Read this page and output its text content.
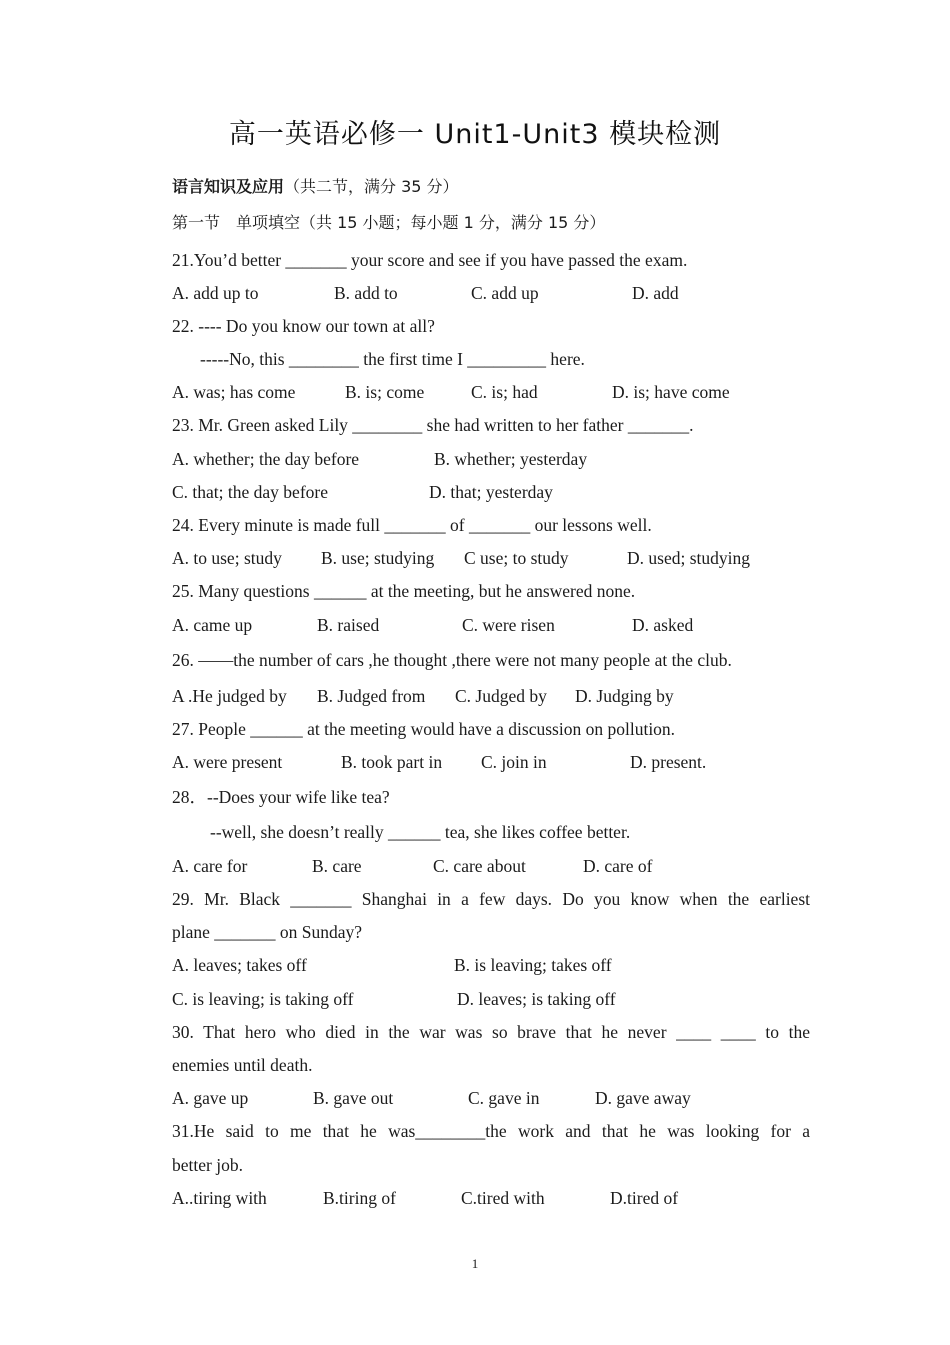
高一英语必修一 Unit1-Unit3 模块检测
语言知识及应用（共二节，满分 35 分）
第一节　单项填空（共 15 小题；每小题 1 分，满分 15 分）
21.You’d better _______ your score and see if you have passed the exam.
A. add up to	B. add to	C. add up	D. add
22. ---- Do you know our town at all?
-----No, this ________ the first time I _________ here.
A. was; has come	B. is; come	C. is; had	D. is; have come
23. Mr. Green asked Lily ________ she had written to her father _______.
A. whether; the day before	B. whether; yesterday
C. that; the day before	D. that; yesterday
24. Every minute is made full _______ of _______ our lessons well.
A. to use; study B. use; studying C use; to study	D. used; studying
25. Many questions ______ at the meeting, but he answered none.
A. came up	B. raised	C. were risen	D. asked
26. ——the number of cars ,he thought ,there were not many people at the club.
A .He judged by B. Judged from C. Judged by D. Judging by
27. People ______ at the meeting would have a discussion on pollution.
A. were present	B. took part in C. join in	D. present.
28．--Does your wife like tea?
--well, she doesn’t really ______ tea, she likes coffee better.
A. care for	B. care	C. care about	D. care of
29. Mr. Black _______ Shanghai in a few days. Do you know when the earliest
plane _______ on Sunday?
A. leaves; takes off	B. is leaving; takes off
C. is leaving; is taking off	D. leaves; is taking off
30. That hero who died in the war was so brave that he never ____ ____ to the
enemies until death.
A. gave up	B. gave out	C. gave in	D. gave away
31.He said to me that he was________the work and that he was looking for a
better job.
A..tiring with	B.tiring of	C.tired with	D.tired of
1
